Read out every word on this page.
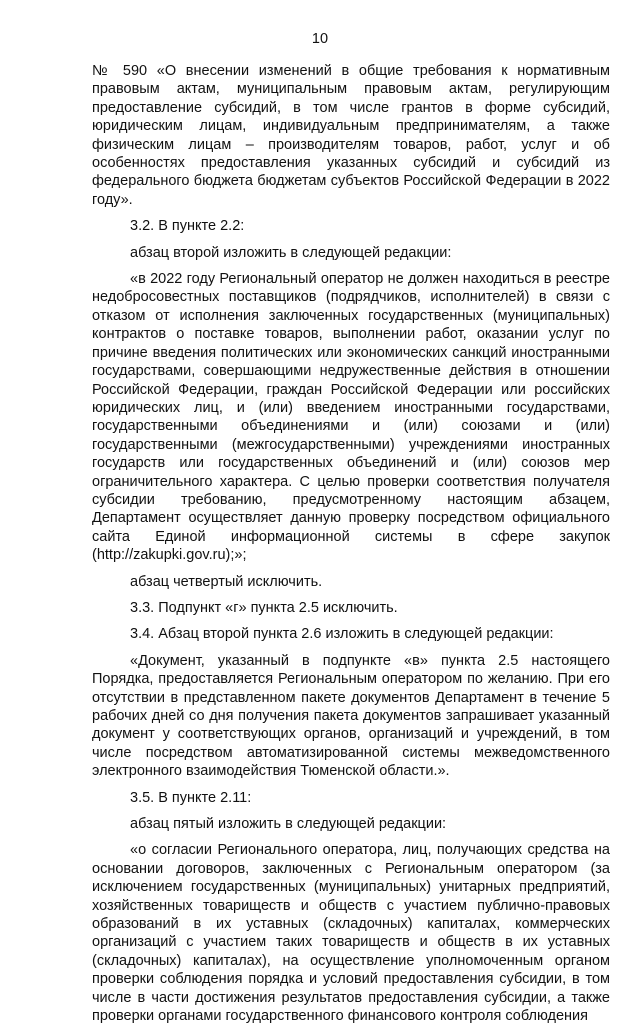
10

№ 590 «О внесении изменений в общие требования к нормативным правовым актам, муниципальным правовым актам, регулирующим предоставление субсидий, в том числе грантов в форме субсидий, юридическим лицам, индивидуальным предпринимателям, а также физическим лицам – производителям товаров, работ, услуг и об особенностях предоставления указанных субсидий и субсидий из федерального бюджета бюджетам субъектов Российской Федерации в 2022 году».

3.2. В пункте 2.2:

абзац второй изложить в следующей редакции:

«в 2022 году Региональный оператор не должен находиться в реестре недобросовестных поставщиков (подрядчиков, исполнителей) в связи с отказом от исполнения заключенных государственных (муниципальных) контрактов о поставке товаров, выполнении работ, оказании услуг по причине введения политических или экономических санкций иностранными государствами, совершающими недружественные действия в отношении Российской Федерации, граждан Российской Федерации или российских юридических лиц, и (или) введением иностранными государствами, государственными объединениями и (или) союзами и (или) государственными (межгосударственными) учреждениями иностранных государств или государственных объединений и (или) союзов мер ограничительного характера. С целью проверки соответствия получателя субсидии требованию, предусмотренному настоящим абзацем, Департамент осуществляет данную проверку посредством официального сайта Единой информационной системы в сфере закупок (http://zakupki.gov.ru);»;

абзац четвертый исключить.

3.3. Подпункт «г» пункта 2.5 исключить.

3.4. Абзац второй пункта 2.6 изложить в следующей редакции:

«Документ, указанный в подпункте «в» пункта 2.5 настоящего Порядка, предоставляется Региональным оператором по желанию. При его отсутствии в представленном пакете документов Департамент в течение 5 рабочих дней со дня получения пакета документов запрашивает указанный документ у соответствующих органов, организаций и учреждений, в том числе посредством автоматизированной системы межведомственного электронного взаимодействия Тюменской области.».

3.5. В пункте 2.11:

абзац пятый изложить в следующей редакции:

«о согласии Регионального оператора, лиц, получающих средства на основании договоров, заключенных с Региональным оператором (за исключением государственных (муниципальных) унитарных предприятий, хозяйственных товариществ и обществ с участием публично-правовых образований в их уставных (складочных) капиталах, коммерческих организаций с участием таких товариществ и обществ в их уставных (складочных) капиталах), на осуществление уполномоченным органом проверки соблюдения порядка и условий предоставления субсидии, в том числе в части достижения результатов предоставления субсидии, а также проверки органами государственного финансового контроля соблюдения
